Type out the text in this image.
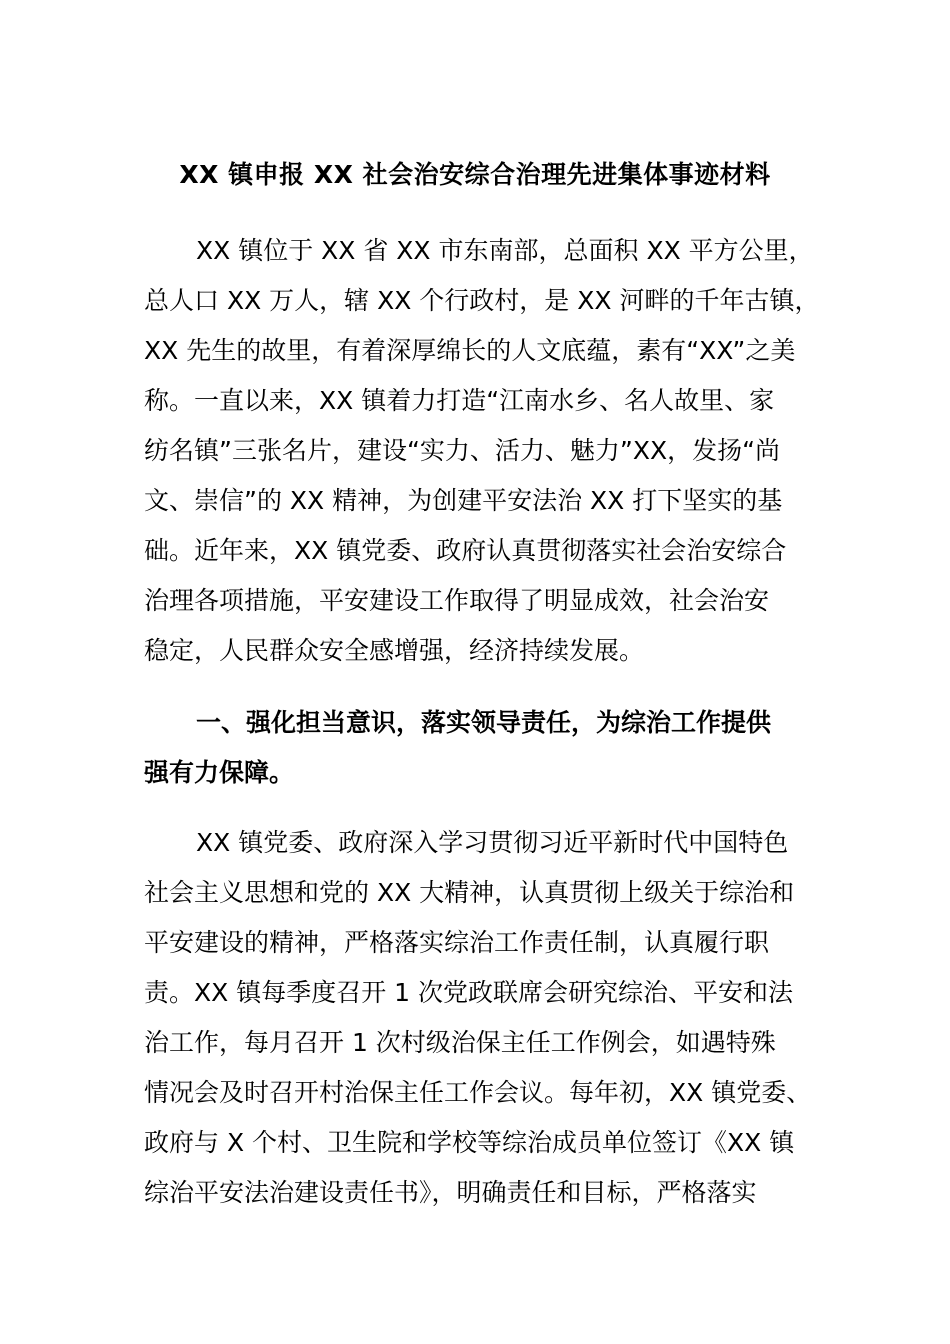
XX 镇申报 XX 社会治安综合治理先进集体事迹材料
XX 镇位于 XX 省 XX 市东南部，总面积 XX 平方公里，
总人口 XX 万人，辖 XX 个行政村，是 XX 河畔的千年古镇，
XX 先生的故里，有着深厚绵长的人文底蕴，素有“XX”之美
称。一直以来，XX 镇着力打造“江南水乡、名人故里、家
纺名镇”三张名片，建设“实力、活力、魅力”XX，发扬“尚
文、崇信”的 XX 精神，为创建平安法治 XX 打下坚实的基
础。近年来，XX 镇党委、政府认真贯彻落实社会治安综合
治理各项措施，平安建设工作取得了明显成效，社会治安
稳定，人民群众安全感增强，经济持续发展。
一、强化担当意识，落实领导责任，为综治工作提供
强有力保障。
XX 镇党委、政府深入学习贯彻习近平新时代中国特色
社会主义思想和党的 XX 大精神，认真贯彻上级关于综治和
平安建设的精神，严格落实综治工作责任制，认真履行职
责。XX 镇每季度召开 1 次党政联席会研究综治、平安和法
治工作，每月召开 1 次村级治保主任工作例会，如遇特殊
情况会及时召开村治保主任工作会议。每年初，XX 镇党委、
政府与 X 个村、卫生院和学校等综治成员单位签订《XX 镇
综治平安法治建设责任书》，明确责任和目标，严格落实
